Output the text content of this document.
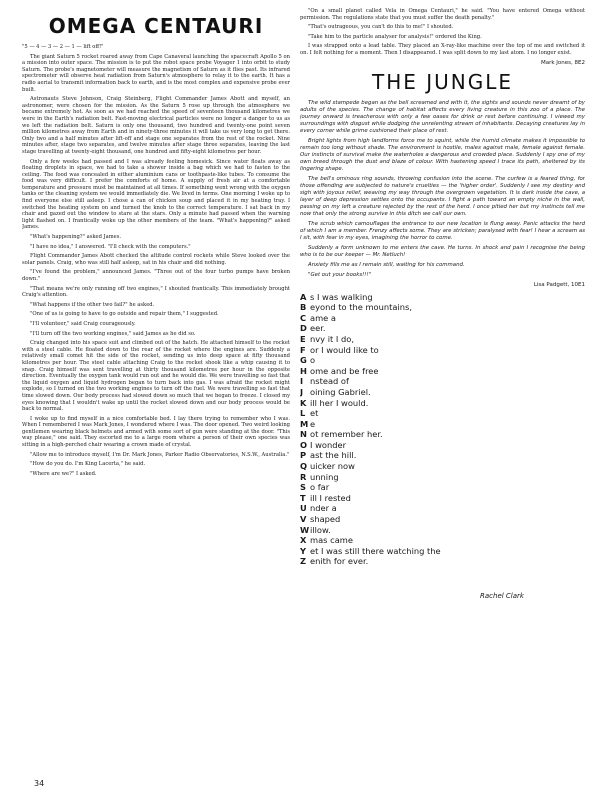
OMEGA CENTAURI

"5 — 4 — 3 — 2 — 1 — lift off!"

The giant Saturn 5 rocket roared away from Cape Canaveral launching the spacecraft Apollo 5 on a mission into outer space. The mission is to put the robot space probe Voyager 1 into orbit to study Saturn. The probe's magnetometer will measure the magnetism of Saturn as it flies past. Its infrared spectrometer will observe heat radiation from Saturn's atmosphere to relay it to the earth. It has a radio aerial to transmit information back to earth, and is the most complex and expensive probe ever built.

Astronauts Steve Johnson, Craig Steinberg, Flight Commander James Abott and myself, an astronomer, were chosen for the mission. As the Saturn 5 rose up through the atmosphere we became extremely hot. As soon as we had reached the speed of seventeen thousand kilometres we were in the Earth's radiation belt. Fast-moving electrical particles were no longer a danger to us as we left the radiation belt. Saturn is only one thousand, two hundred and twenty-one point seven million kilometres away from Earth and in ninety-three minutes it will take us very long to get there. Only two and a half minutes after lift-off and stage one separates from the rest of the rocket. Nine minutes after, stage two separates, and twelve minutes after stage three separates, leaving the last stage travelling at twenty-eight thousand, one hundred and fifty-eight kilometres per hour.

Only a few weeks had passed and I was already feeling homesick. Since water floats away as floating droplets in space, we had to take a shower inside a bag which we had to fasten to the ceiling. The food was concealed in either aluminium cans or toothpaste-like tubes. To consume the food was very difficult. I prefer the comforts of home. A supply of fresh air at a comfortable temperature and pressure must be maintained at all times. If something went wrong with the oxygen tanks or the cleaning system we would immediately die. We lived in terms. One morning I woke up to find everyone else still asleep. I chose a can of chicken soup and placed it in my heating tray. I switched the heating system on and turned the knob to the correct temperature. I sat back in my chair and gazed out the window to stare at the stars. Only a minute had passed when the warning light flashed on. I frantically woke up the other members of the team. "What's happening?" asked James.

"What's happening?" asked James.

"I have no idea," I answered. "I'll check with the computers."

Flight Commander James Abott checked the altitude control rockets while Steve looked over the solar panels. Craig, who was still half asleep, sat in his chair and did nothing.

"I've found the problem," announced James. "Three out of the four turbo pumps have broken down."

"That means we're only running off two engines," I shouted frantically. This immediately brought Craig's attention.

"What happens if the other two fail?" he asked.

"One of us is going to have to go outside and repair them," I suggested.

"I'll volunteer," said Craig courageously.

"I'll turn off the two working engines," said James as he did so.

Craig changed into his space suit and climbed out of the hatch. He attached himself to the rocket with a steel cable. He floated down to the rear of the rocket where the engines are. Suddenly a relatively small comet hit the side of the rocket, sending us into deep space at fifty thousand kilometres per hour. The steel cable attaching Craig to the rocket shook like a whip causing it to snap. Craig himself was sent travelling at thirty thousand kilometres per hour in the opposite direction. Eventually the oxygen tank would run out and he would die. We were travelling so fast that the liquid oxygen and liquid hydrogen began to turn back into gas. I was afraid the rocket might explode, so I turned on the two working engines to turn off the fuel. We were travelling so fast that time slowed down. Our body process had slowed down so much that we began to freeze. I closed my eyes knowing that I wouldn't wake up until the rocket slowed down and our body process would be back to normal.

I woke up to find myself in a nice comfortable bed. I lay there trying to remember who I was. When I remembered I was Mark Jones, I wondered where I was. The door opened. Two weird looking gentlemen wearing black helmets and armed with some sort of gun were standing at the door. "This way please," one said. They escorted me to a large room where a person of their own species was sitting in a high-perched chair wearing a crown made of crystal.

"Allow me to introduce myself, I'm Dr. Mark Jones, Parker Radio Observatories, N.S.W., Australia."

"How do you do. I'm King Lacerta," he said.

"Where are we?" I asked.

"On a small planet called Vela in Omega Centauri," he said. "You have entered Omega without permission. The regulations state that you must suffer the death penalty."

"That's outrageous, you can't do this to me!" I shouted.

"Take him to the particle analyser for analysis!" ordered the King.

I was strapped onto a lead table. They placed an X-ray-like machine over the top of me and switched it on. I felt nothing for a moment. Then I disappeared. I was split down to my last atom. I no longer exist.

Mark Jones, 8E2
THE JUNGLE

The wild stampede began as the bell screamed and with it, the sights and sounds never dreamt of by adults of the species. The change of habitat affects every living creature in this zoo of a place. The journey onward is treacherous with only a few oases for drink or rest before continuing. I viewed my surroundings with disgust while dodging the unrelenting stream of inhabitants. Decaying creatures lay in every corner while grime cushioned their place of rest.

Bright lights from high landforms force me to squint, while the humid climate makes it impossible to remain too long without shade. The environment is hostile, males against male, female against female. Our instincts of survival make the waterholes a dangerous and crowded place. Suddenly I spy one of my own breed through the dust and blaze of colour. With hastening speed I trace its path, sheltered by its lingering shape.

The bell's ominous ring sounds, throwing confusion into the scene. The curfew is a feared thing, for those offending are subjected to nature's cruelties — the 'higher order'. Suddenly I see my destiny and sigh with joyous relief, weaving my way through the overgrown vegetation. It is dark inside the cave, a layer of deep depression settles onto the occupants. I fight a path toward an empty niche in the wall, passing on my left a creature rejected by the rest of the herd. I once pitied her but my instincts tell me now that only the strong survive in this ditch we call our own.

The scrub which camouflages the entrance to our new location is flung away. Panic attacks the herd of which I am a member. Frenzy affects some. They are stricken; paralysed with fear! I hear a scream as I sit, with fear in my eyes, imagining the horror to come.

Suddenly a form unknown to me enters the cave. He turns. In shock and pain I recognise the being who is to be our keeper — Mr. Netluch!

Anxiety fills me as I remain still, waiting for his command.

"Get out your books!!!"

Lisa Padgett, 10E1
Rachel Clark
A s I was walking
B eyond to the mountains,
C ame a
D eer.
E nvy it I do,
F or I would like to
G o
H ome and be free
I nstead of
J oining Gabriel.
K ill her I would.
L et
M e
N ot remember her.
O I wonder
P ast the hill.
Q uicker now
R unning
S o far
T ill I rested
U nder a
V shaped
Willow.
X mas came
Y et I was still there watching the
Z enith for ever.
34
